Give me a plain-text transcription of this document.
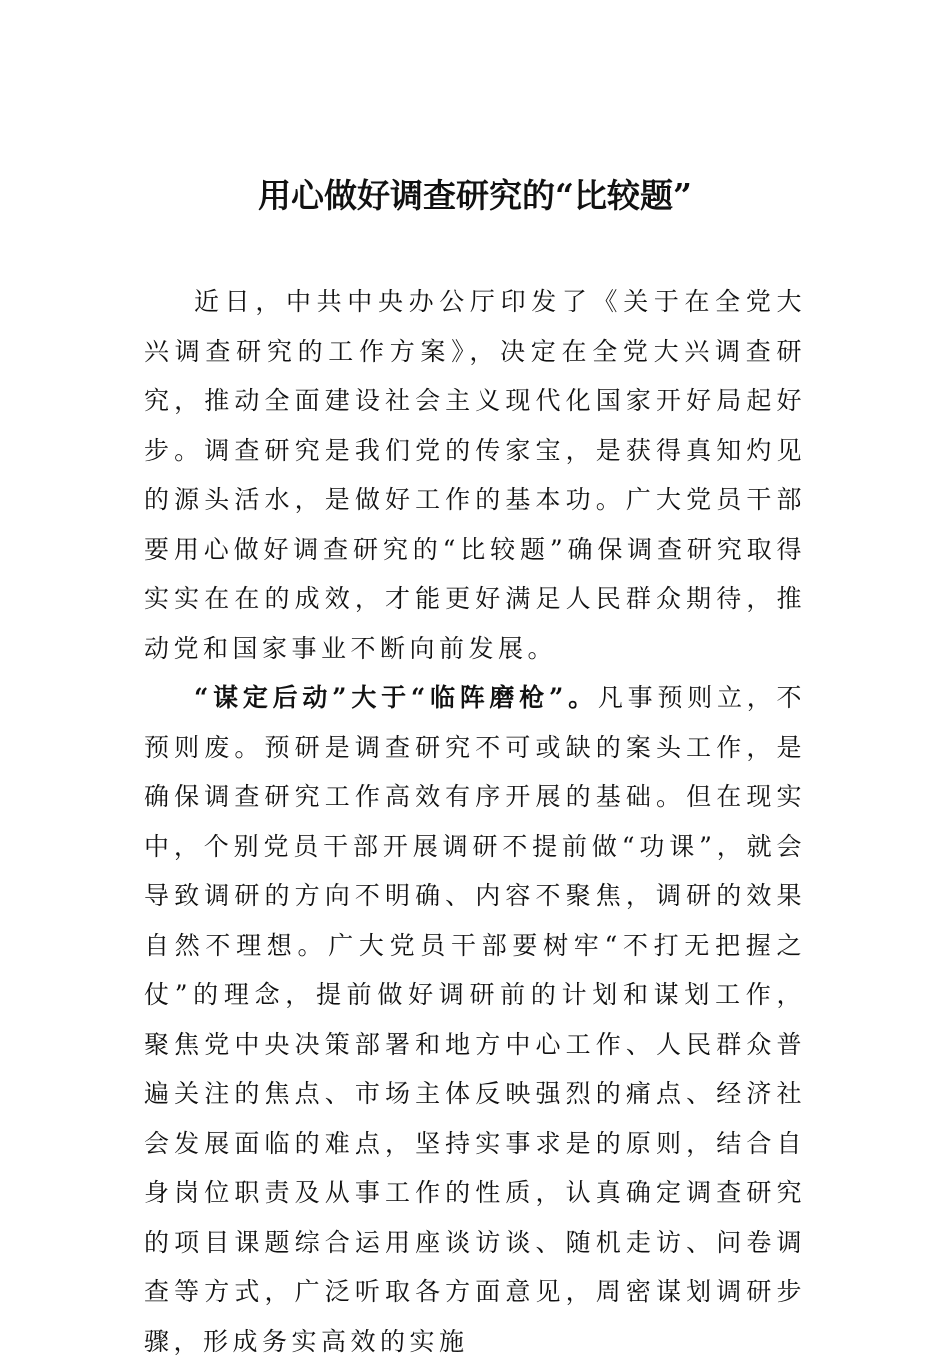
用心做好调查研究的“比较题”

近日，中共中央办公厅印发了《关于在全党大兴调查研究的工作方案》，决定在全党大兴调查研究，推动全面建设社会主义现代化国家开好局起好步。调查研究是我们党的传家宝，是获得真知灼见的源头活水，是做好工作的基本功。广大党员干部要用心做好调查研究的“比较题”确保调查研究取得实实在在的成效，才能更好满足人民群众期待，推动党和国家事业不断向前发展。

“谋定后动”大于“临阵磨枪”。凡事预则立，不预则废。预研是调查研究不可或缺的案头工作，是确保调查研究工作高效有序开展的基础。但在现实中，个别党员干部开展调研不提前做“功课”，就会导致调研的方向不明确、内容不聚焦，调研的效果自然不理想。广大党员干部要树牢“不打无把握之仗”的理念，提前做好调研前的计划和谋划工作，聚焦党中央决策部署和地方中心工作、人民群众普遍关注的焦点、市场主体反映强烈的痛点、经济社会发展面临的难点，坚持实事求是的原则，结合自身岗位职责及从事工作的性质，认真确定调查研究的项目课题综合运用座谈访谈、随机走访、问卷调查等方式，广泛听取各方面意见，周密谋划调研步骤，形成务实高效的实施
